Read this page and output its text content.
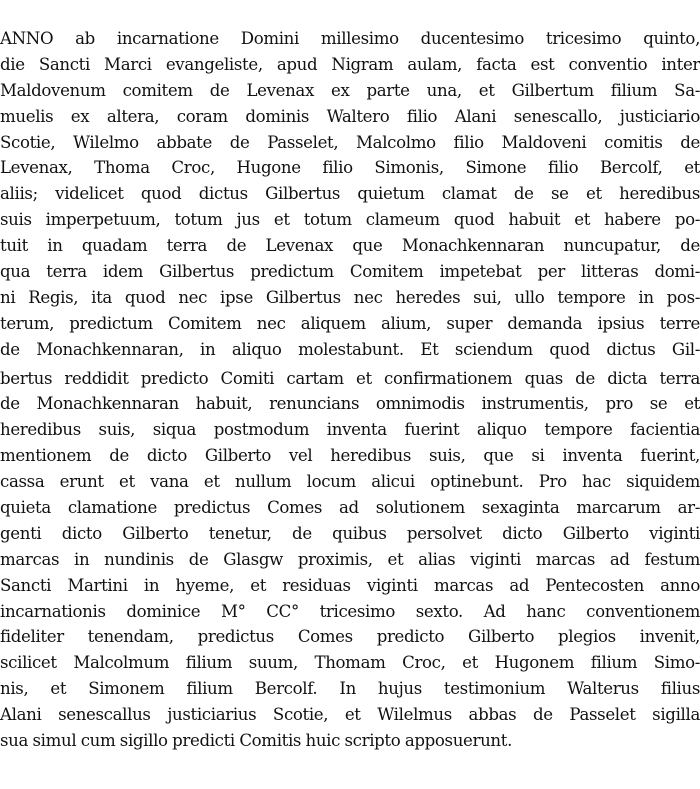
ANNO ab incarnatione Domini millesimo ducentesimo tricesimo quinto,
die Sancti Marci evangeliste, apud Nigram aulam, facta est conventio inter
Maldovenum comitem de Levenax ex parte una, et Gilbertum filium Sa-
muelis ex altera, coram dominis Waltero filio Alani senescallo, justiciario
Scotie, Wilelmo abbate de Passelet, Malcolmo filio Maldoveni comitis de
Levenax, Thoma Croc, Hugone filio Simonis, Simone filio Bercolf, et
aliis; videlicet quod dictus Gilbertus quietum clamat de se et heredibus
suis imperpetuum, totum jus et totum clameum quod habuit et habere po-
tuit in quadam terra de Levenax que Monachkennaran nuncupatur, de
qua terra idem Gilbertus predictum Comitem impetebat per litteras domi-
ni Regis, ita quod nec ipse Gilbertus nec heredes sui, ullo tempore in pos-
terum, predictum Comitem nec aliquem alium, super demanda ipsius terre
de Monachkennaran, in aliquo molestabunt. Et sciendum quod dictus Gil-
bertus reddidit predicto Comiti cartam et confirmationem quas de dicta terra
de Monachkennaran habuit, renuncians omnimodis instrumentis, pro se et
heredibus suis, siqua postmodum inventa fuerint aliquo tempore facientia
mentionem de dicto Gilberto vel heredibus suis, que si inventa fuerint,
cassa erunt et vana et nullum locum alicui optinebunt. Pro hac siquidem
quieta clamatione predictus Comes ad solutionem sexaginta marcarum ar-
genti dicto Gilberto tenetur, de quibus persolvet dicto Gilberto viginti
marcas in nundinis de Glasgw proximis, et alias viginti marcas ad festum
Sancti Martini in hyeme, et residuas viginti marcas ad Pentecosten anno
incarnationis dominice M° CC° tricesimo sexto. Ad hanc conventionem
fideliter tenendam, predictus Comes predicto Gilberto plegios invenit,
scilicet Malcolmum filium suum, Thomam Croc, et Hugonem filium Simo-
nis, et Simonem filium Bercolf. In hujus testimonium Walterus filius
Alani senescallus justiciarius Scotie, et Wilelmus abbas de Passelet sigilla
sua simul cum sigillo predicti Comitis huic scripto apposuerunt.
